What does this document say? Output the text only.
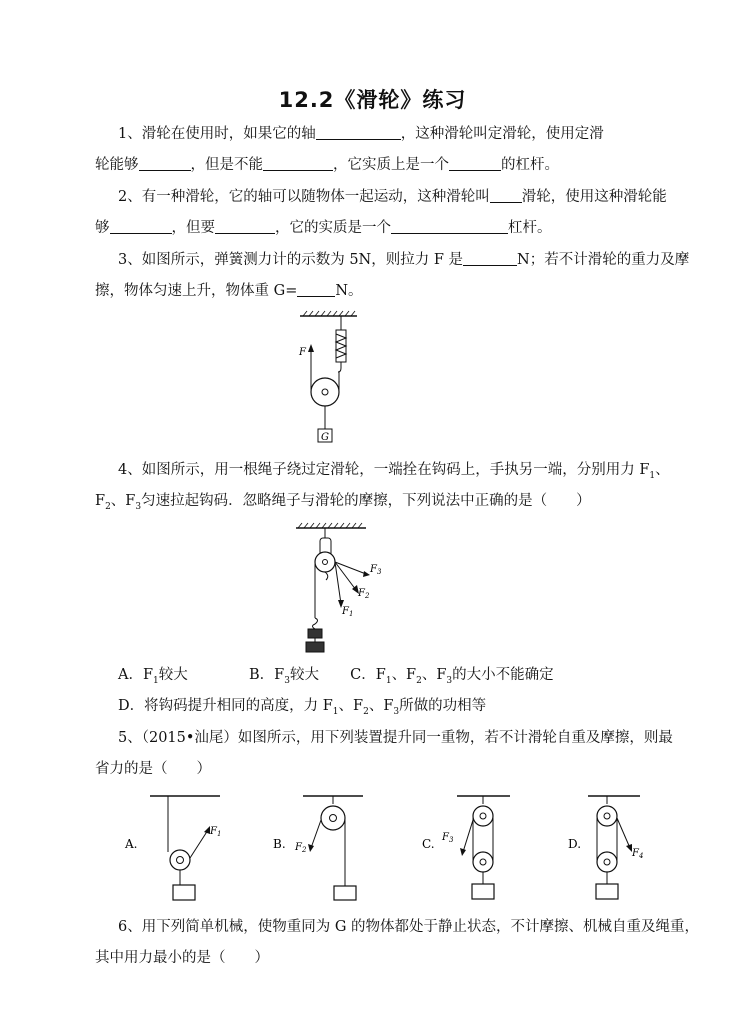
12.2《滑轮》练习
1、滑轮在使用时，如果它的轴	，这种滑轮叫定滑轮，使用定滑
轮能够	，但是不能	，它实质上是一个	的杠杆。
2、有一种滑轮，它的轴可以随物体一起运动，这种滑轮叫 滑轮，使用这种滑轮能
够	，但要	，它的实质是一个	杠杆。
3、如图所示，弹簧测力计的示数为 5N，则拉力 F 是	N；若不计滑轮的重力及摩
擦，物体匀速上升，物体重 G=	N。
F
G
4、如图所示，用一根绳子绕过定滑轮，一端拴在钩码上，手执另一端，分别用力 $F_1$、
$F_2$、$F_3$匀速拉起钩码．忽略绳子与滑轮的摩擦，下列说法中正确的是（　　）
$F_3$
$F_2$
$F_1$
A．$F_1$较大	B．$F_3$较大 C．$F_1$、$F_2$、$F_3$的大小不能确定
D．将钩码提升相同的高度，力 $F_1$、$F_2$、$F_3$所做的功相等
5、（2015•汕尾）如图所示，用下列装置提升同一重物，若不计滑轮自重及摩擦，则最
省力的是（　　）
A.
$F_1$
B. $F_2$	C. $F_3$	D.
$F_4$
6、用下列简单机械，使物重同为 G 的物体都处于静止状态，不计摩擦、机械自重及绳重，
其中用力最小的是（　　）
